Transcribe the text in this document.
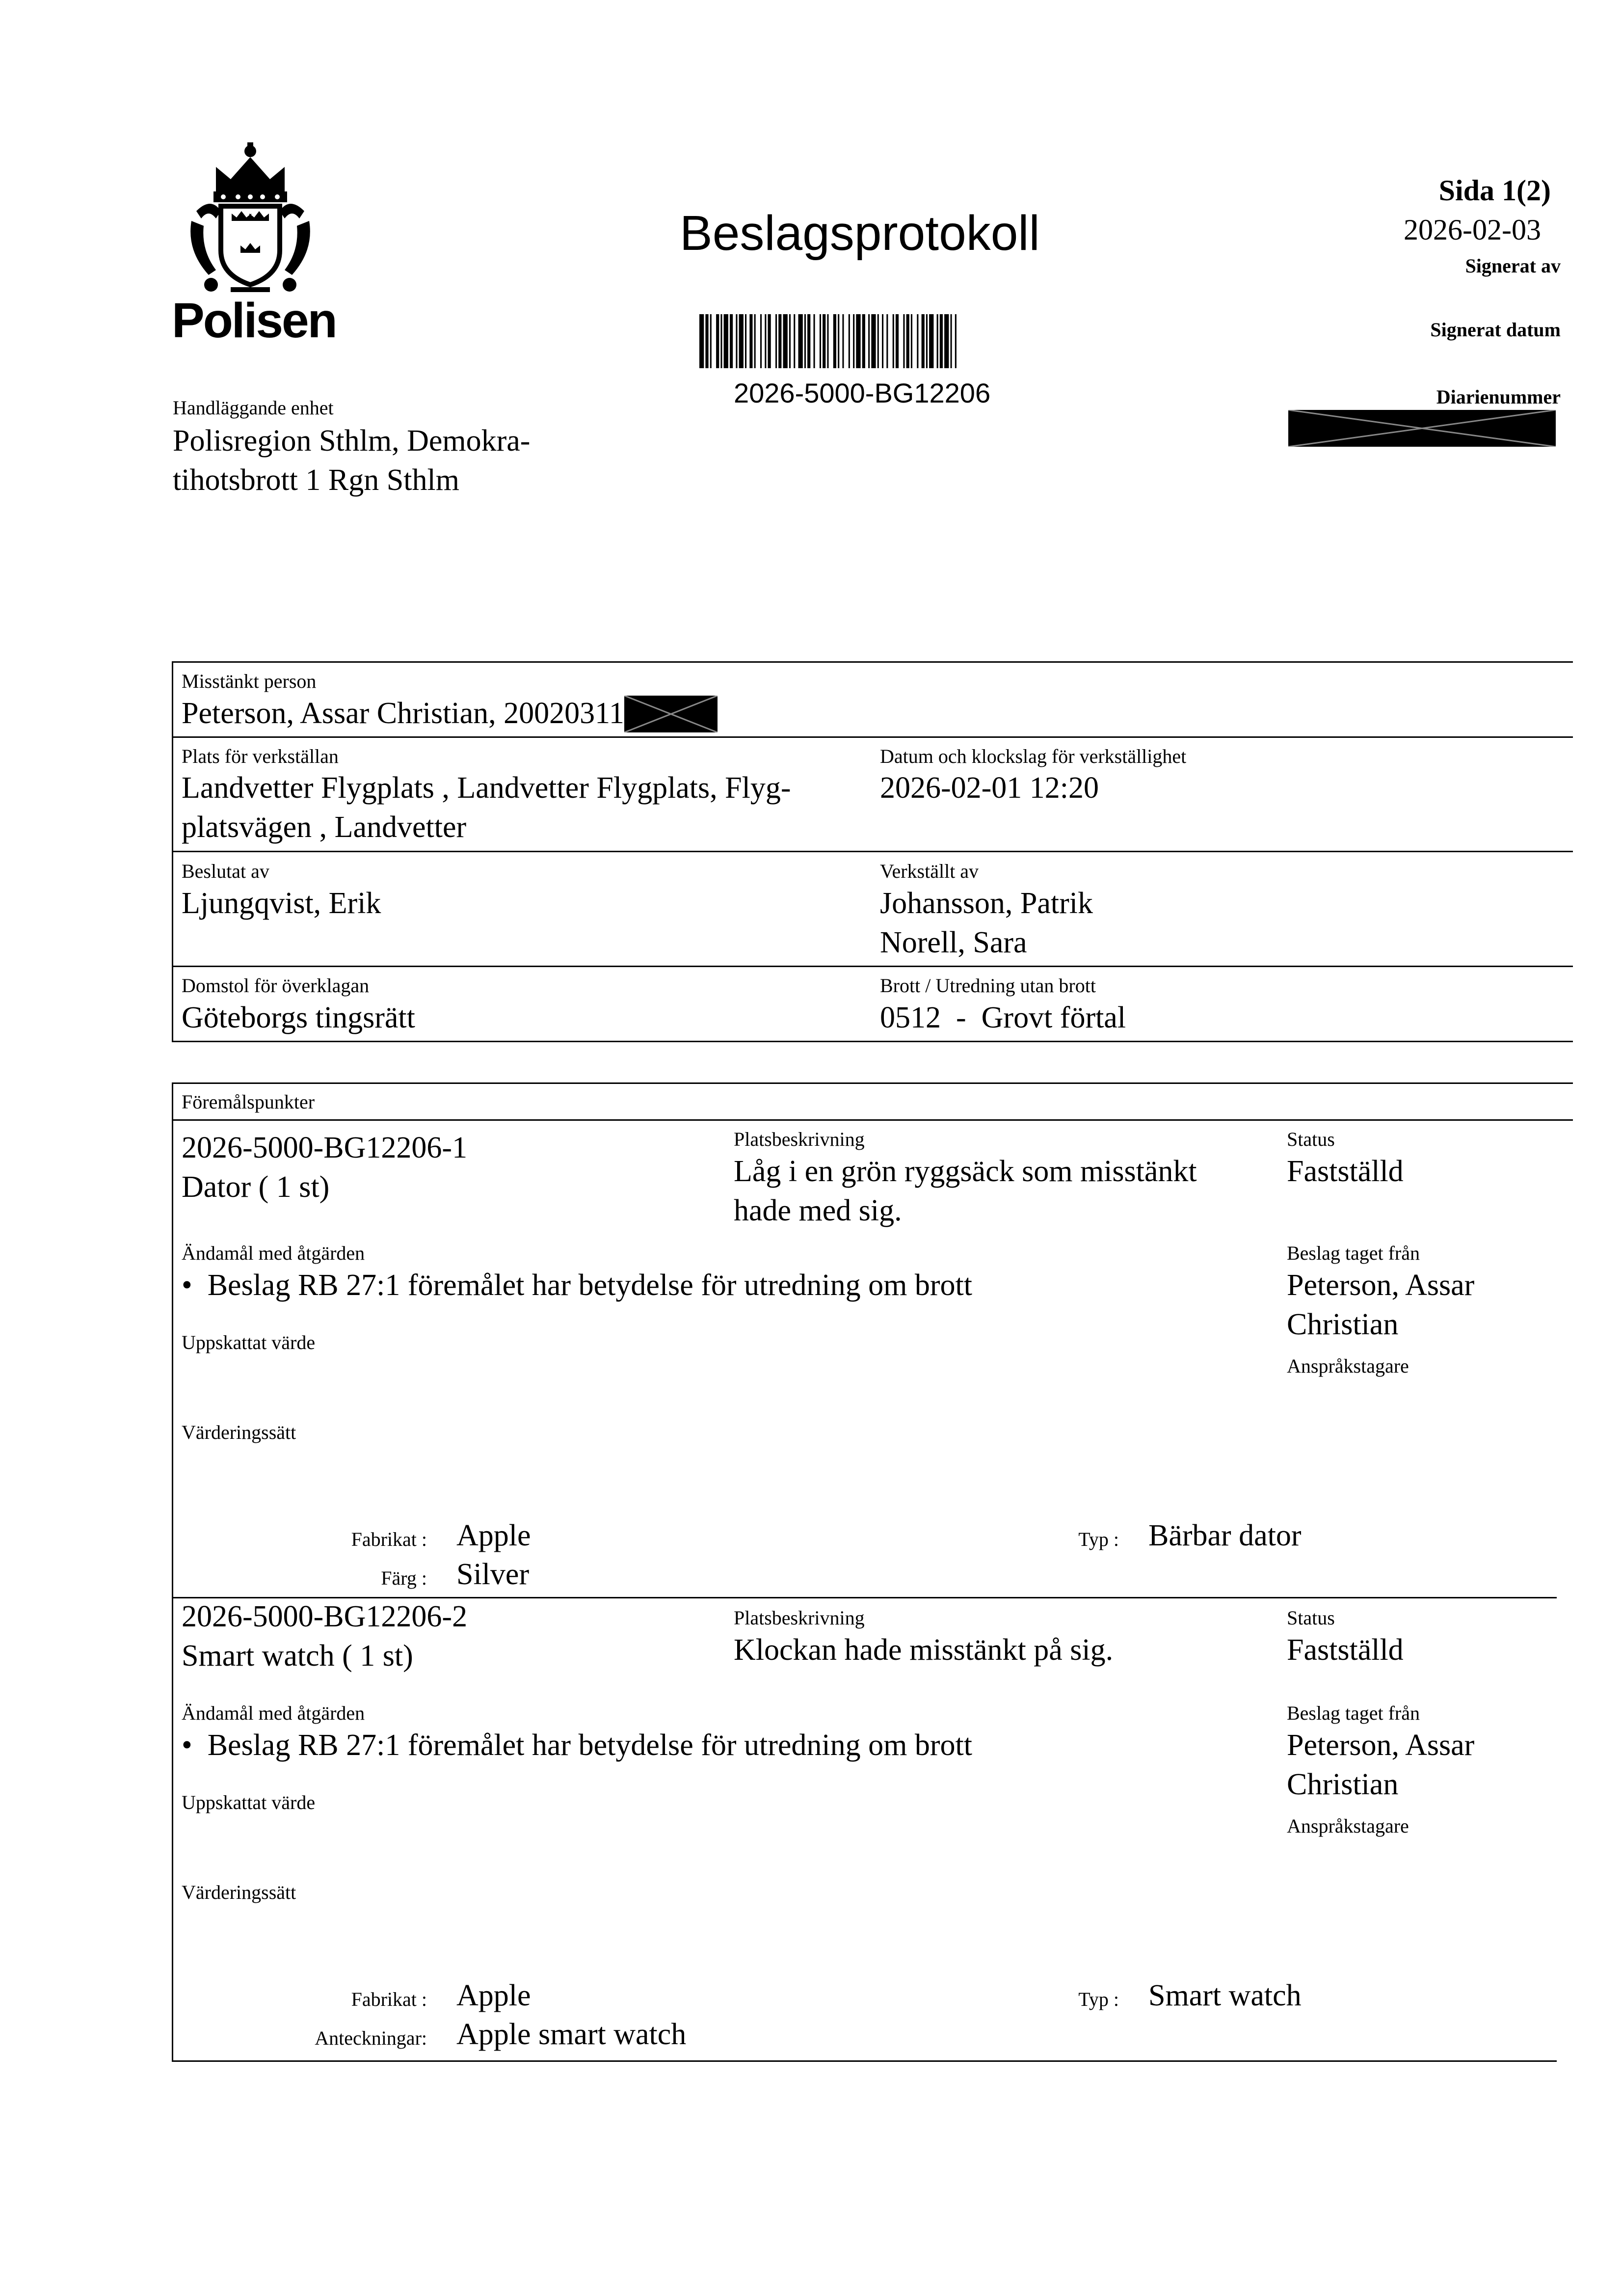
Polisen
Beslagsprotokoll
2026-5000-BG12206
Sida 1(2)
2026-02-03
Signerat av
Signerat datum
Diarienummer
Handläggande enhet
Polisregion Sthlm, Demokra-
tihotsbrott 1 Rgn Sthlm
Misstänkt person
Peterson, Assar Christian, 20020311
Plats för verkställan
Landvetter Flygplats , Landvetter Flygplats, Flyg-
platsvägen , Landvetter
Datum och klockslag för verkställighet
2026-02-01 12:20
Beslutat av
Ljungqvist, Erik
Verkställt av
Johansson, Patrik
Norell, Sara
Domstol för överklagan
Göteborgs tingsrätt
Brott / Utredning utan brott
0512  -  Grovt förtal
Föremålspunkter
2026-5000-BG12206-1
Dator ( 1 st)
Platsbeskrivning
Låg i en grön ryggsäck som misstänkt
hade med sig.
Status
Fastställd
Ändamål med åtgärden
•  Beslag RB 27:1 föremålet har betydelse för utredning om brott
Beslag taget från
Peterson, Assar
Christian
Anspråkstagare
Uppskattat värde
Värderingssätt
Fabrikat : Apple	Typ : Bärbar dator
Färg : Silver
2026-5000-BG12206-2
Smart watch ( 1 st)
Platsbeskrivning
Klockan hade misstänkt på sig.
Status
Fastställd
Ändamål med åtgärden
•  Beslag RB 27:1 föremålet har betydelse för utredning om brott
Beslag taget från
Peterson, Assar
Christian
Anspråkstagare
Uppskattat värde
Värderingssätt
Fabrikat : Apple	Typ : Smart watch
Anteckningar: Apple smart watch
